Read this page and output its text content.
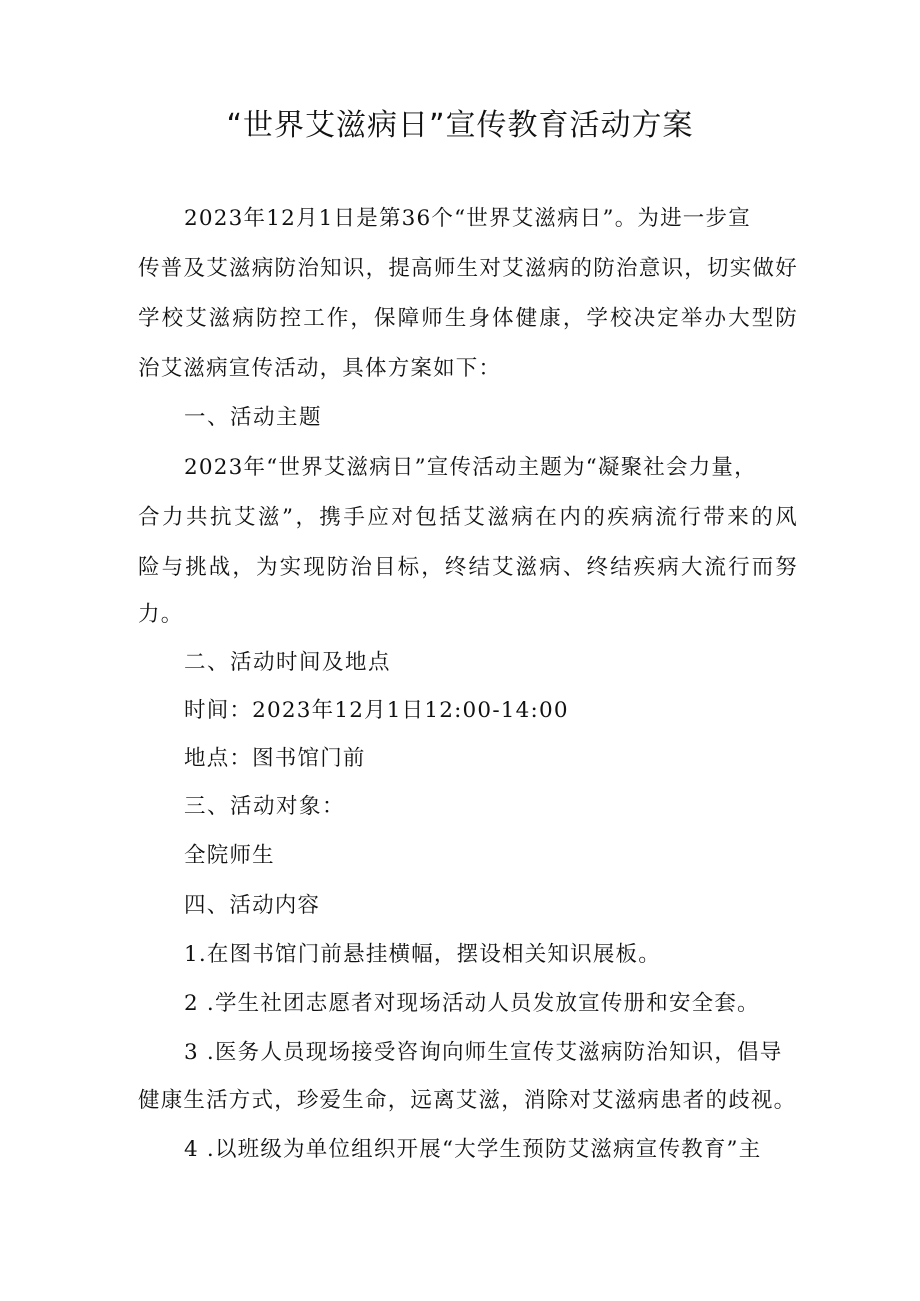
“世界艾滋病日”宣传教育活动方案
2023年12月1日是第36个“世界艾滋病日”。为进一步宣
传普及艾滋病防治知识，提高师生对艾滋病的防治意识，切实做好
学校艾滋病防控工作，保障师生身体健康，学校决定举办大型防
治艾滋病宣传活动，具体方案如下：
一、活动主题
2023年“世界艾滋病日”宣传活动主题为“凝聚社会力量，
合力共抗艾滋”，携手应对包括艾滋病在内的疾病流行带来的风
险与挑战，为实现防治目标，终结艾滋病、终结疾病大流行而努
力。
二、活动时间及地点
时间：2023年12月1日12:00-14:00
地点：图书馆门前
三、活动对象：
全院师生
四、活动内容
1.在图书馆门前悬挂横幅，摆设相关知识展板。
2 .学生社团志愿者对现场活动人员发放宣传册和安全套。
3 .医务人员现场接受咨询向师生宣传艾滋病防治知识，倡导
健康生活方式，珍爱生命，远离艾滋，消除对艾滋病患者的歧视。
4 .以班级为单位组织开展“大学生预防艾滋病宣传教育”主
